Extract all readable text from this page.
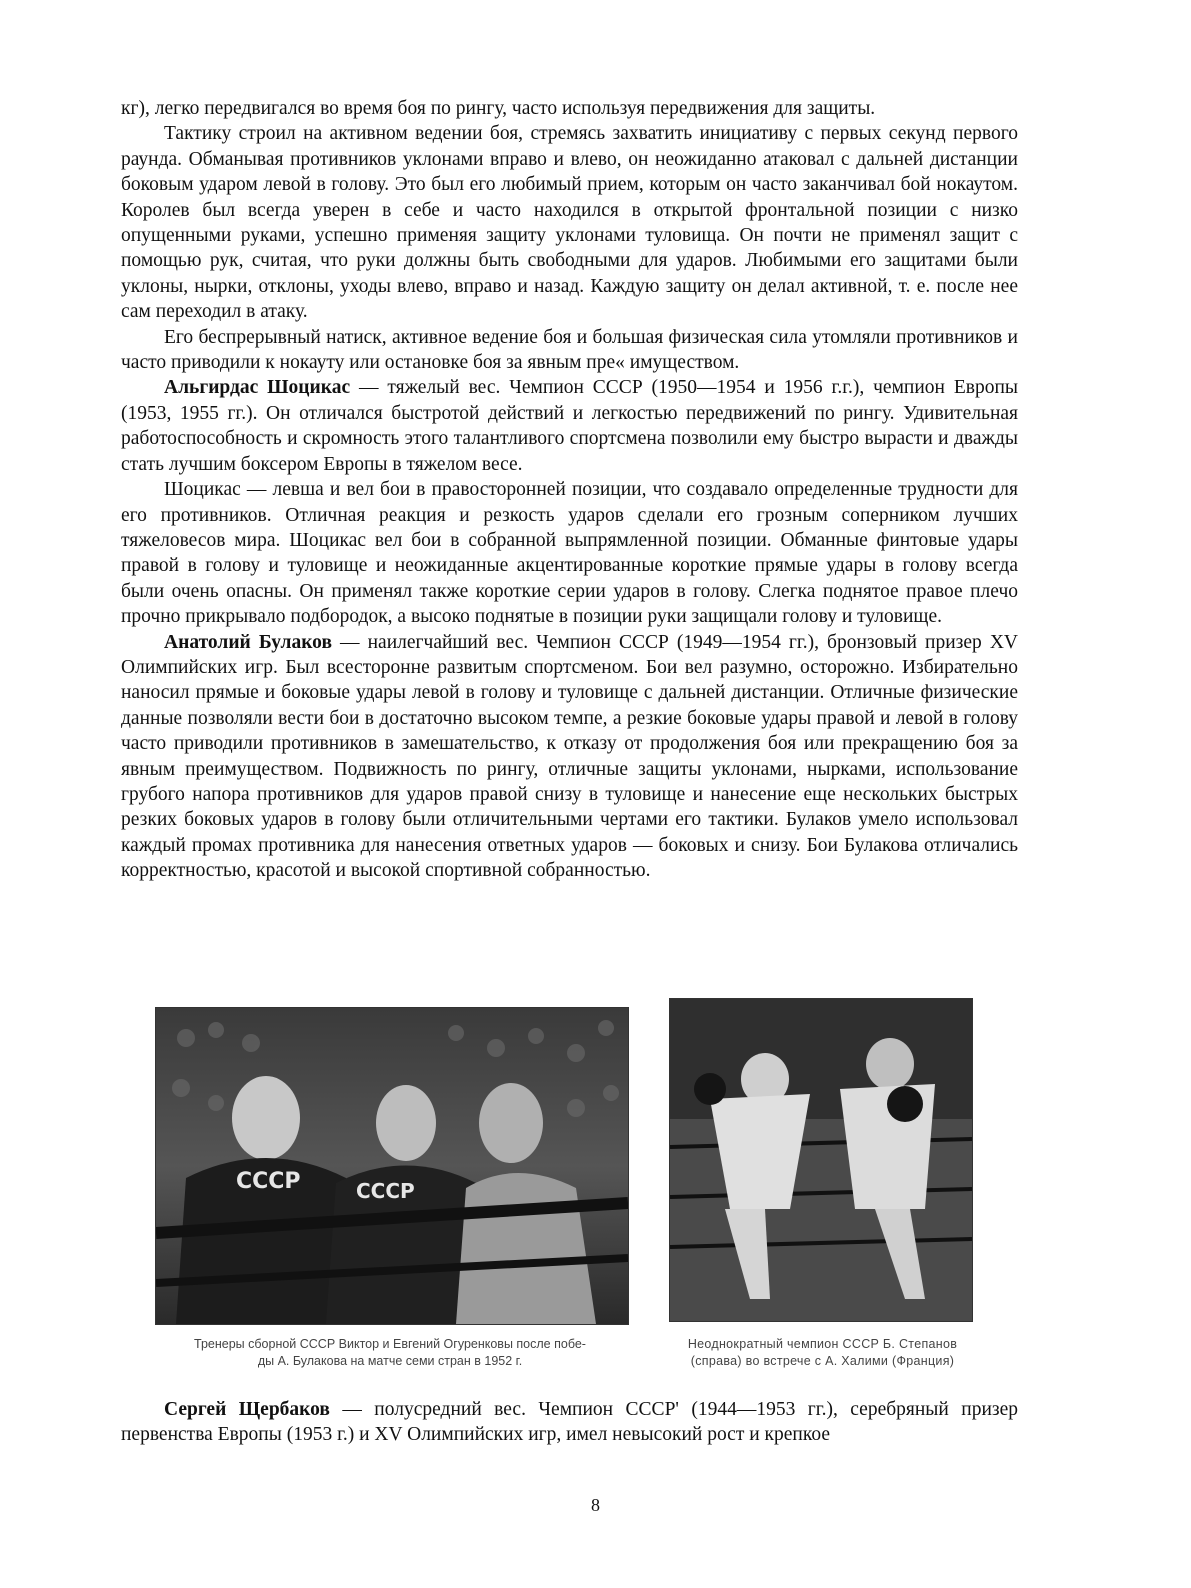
кг), легко передвигался во время боя по рингу, часто используя передвижения для защиты.

Тактику строил на активном ведении боя, стремясь захватить инициативу с первых секунд первого раунда. Обманывая противников уклонами вправо и влево, он неожиданно атаковал с дальней дистанции боковым ударом левой в голову. Это был его любимый прием, которым он часто заканчивал бой нокаутом. Королев был всегда уверен в себе и часто находился в открытой фронтальной позиции с низко опущенными руками, успешно применяя защиту уклонами туловища. Он почти не применял защит с помощью рук, считая, что руки должны быть свободными для ударов. Любимыми его защитами были уклоны, нырки, отклоны, уходы влево, вправо и назад. Каждую защиту он делал активной, т. е. после нее сам переходил в атаку.

Его беспрерывный натиск, активное ведение боя и большая физическая сила утомляли противников и часто приводили к нокауту или остановке боя за явным пре« имуществом.

Альгирдас Шоцикас — тяжелый вес. Чемпион СССР (1950—1954 и 1956 г.г.), чемпион Европы (1953, 1955 гг.). Он отличался быстротой действий и легкостью передвижений по рингу. Удивительная работоспособность и скромность этого талантливого спортсмена позволили ему быстро вырасти и дважды стать лучшим боксером Европы в тяжелом весе.

Шоцикас — левша и вел бои в правосторонней позиции, что создавало определенные трудности для его противников. Отличная реакция и резкость ударов сделали его грозным соперником лучших тяжеловесов мира. Шоцикас вел бои в собранной выпрямленной позиции. Обманные финтовые удары правой в голову и туловище и неожиданные акцентированные короткие прямые удары в голову всегда были очень опасны. Он применял также короткие серии ударов в голову. Слегка поднятое правое плечо прочно прикрывало подбородок, а высоко поднятые в позиции руки защищали голову и туловище.

Анатолий Булаков — наилегчайший вес. Чемпион СССР (1949—1954 гг.), бронзовый призер XV Олимпийских игр. Был всесторонне развитым спортсменом. Бои вел разумно, осторожно. Избирательно наносил прямые и боковые удары левой в голову и туловище с дальней дистанции. Отличные физические данные позволяли вести бои в достаточно высоком темпе, а резкие боковые удары правой и левой в голову часто приводили противников в замешательство, к отказу от продолжения боя или прекращению боя за явным преимуществом. Подвижность по рингу, отличные защиты уклонами, нырками, использование грубого напора противников для ударов правой снизу в туловище и нанесение еще нескольких быстрых резких боковых ударов в голову были отличительными чертами его тактики. Булаков умело использовал каждый промах противника для нанесения ответных ударов — боковых и снизу. Бои Булакова отличались корректностью, красотой и высокой спортивной собранностью.

СССР	СССР
Тренеры сборной СССР Виктор и Евгений Огуренковы после побе-
ды А. Булакова на матче семи стран в 1952 г.
Неоднократный чемпион СССР Б. Степанов
(справа) во встрече с А. Халими (Франция)

Сергей Щербаков — полусредний вес. Чемпион СССР' (1944—1953 гг.), серебряный призер первенства Европы (1953 г.) и XV Олимпийских игр, имел невысокий рост и крепкое

8
